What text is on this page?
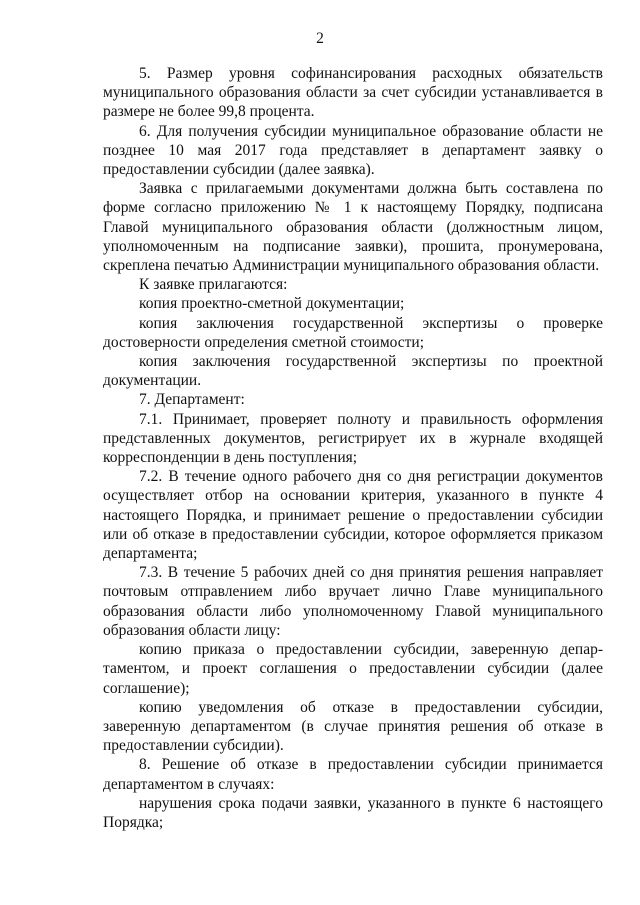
2

5. Размер уровня софинансирования расходных обязательств муниципального образования области за счет субсидии устанавливается в размере не более 99,8 процента.

6. Для получения субсидии муниципальное образование области не позднее 10 мая 2017 года представляет в департамент заявку о предоставлении субсидии (далее заявка).

Заявка с прилагаемыми документами должна быть составлена по форме согласно приложению № 1 к настоящему Порядку, подписана Главой муниципального образования области (должностным лицом, уполномоченным на подписание заявки), прошита, пронумерована, скреплена печатью Администрации муниципального образования области.

К заявке прилагаются:

копия проектно-сметной документации;

копия заключения государственной экспертизы о проверке достоверности определения сметной стоимости;

копия заключения государственной экспертизы по проектной документации.

7. Департамент:

7.1. Принимает, проверяет полноту и правильность оформления представленных документов, регистрирует их в журнале входящей корреспонденции в день поступления;

7.2. В течение одного рабочего дня со дня регистрации документов осуществляет отбор на основании критерия, указанного в пункте 4 настоящего Порядка, и принимает решение о предоставлении субсидии или об отказе в предоставлении субсидии, которое оформляется приказом департамента;

7.3. В течение 5 рабочих дней со дня принятия решения направляет почтовым отправлением либо вручает лично Главе муниципального образования области либо уполномоченному Главой муниципального образования области лицу:

копию приказа о предоставлении субсидии, заверенную департаментом, и проект соглашения о предоставлении субсидии (далее соглашение);

копию уведомления об отказе в предоставлении субсидии, заверенную департаментом (в случае принятия решения об отказе в предоставлении субсидии).

8. Решение об отказе в предоставлении субсидии принимается департаментом в случаях:

нарушения срока подачи заявки, указанного в пункте 6 настоящего Порядка;
